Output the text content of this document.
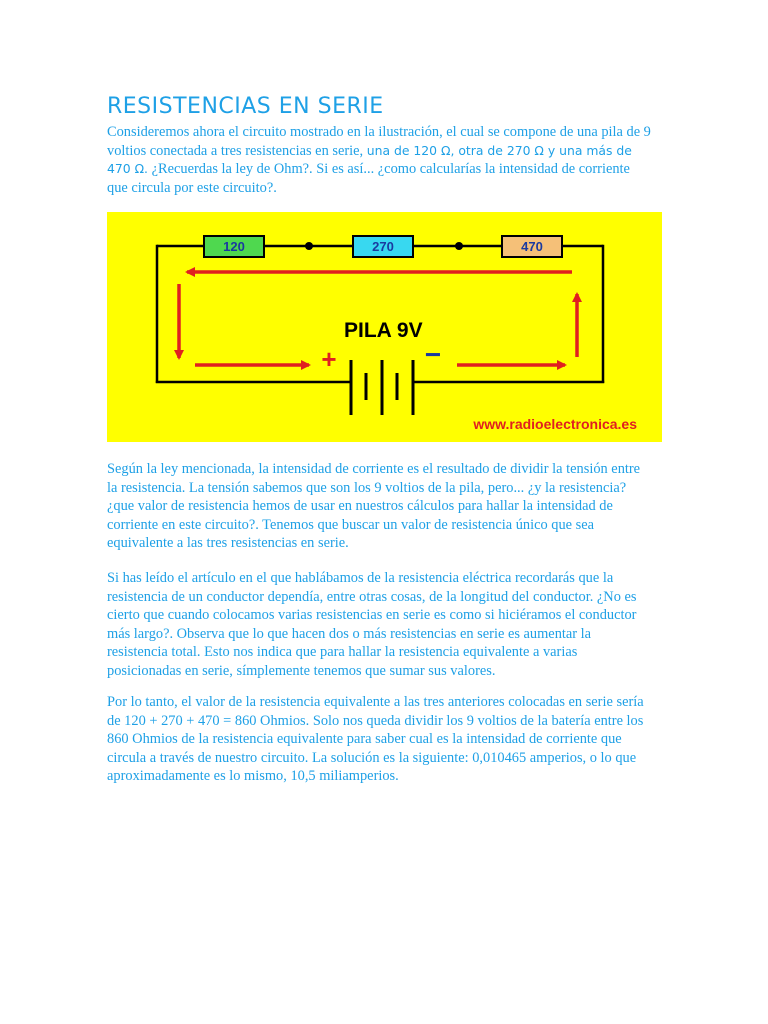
RESISTENCIAS EN SERIE

Consideremos ahora el circuito mostrado en la ilustración, el cual se compone de una pila de 9 voltios conectada a tres resistencias en serie, una de 120 Ω, otra de 270 Ω y una más de 470 Ω. ¿Recuerdas la ley de Ohm?. Si es así... ¿como calcularías la intensidad de corriente que circula por este circuito?.

120	270	470
PILA 9V
+	−
www.radioelectronica.es

Según la ley mencionada, la intensidad de corriente es el resultado de dividir la tensión entre la resistencia. La tensión sabemos que son los 9 voltios de la pila, pero... ¿y la resistencia? ¿que valor de resistencia hemos de usar en nuestros cálculos para hallar la intensidad de corriente en este circuito?. Tenemos que buscar un valor de resistencia único que sea equivalente a las tres resistencias en serie.

Si has leído el artículo en el que hablábamos de la resistencia eléctrica recordarás que la resistencia de un conductor dependía, entre otras cosas, de la longitud del conductor. ¿No es cierto que cuando colocamos varias resistencias en serie es como si hiciéramos el conductor más largo?. Observa que lo que hacen dos o más resistencias en serie es aumentar la resistencia total. Esto nos indica que para hallar la resistencia equivalente a varias posicionadas en serie, símplemente tenemos que sumar sus valores.

Por lo tanto, el valor de la resistencia equivalente a las tres anteriores colocadas en serie sería de 120 + 270 + 470 = 860 Ohmios. Solo nos queda dividir los 9 voltios de la batería entre los 860 Ohmios de la resistencia equivalente para saber cual es la intensidad de corriente que circula a través de nuestro circuito. La solución es la siguiente: 0,010465 amperios, o lo que aproximadamente es lo mismo, 10,5 miliamperios.
